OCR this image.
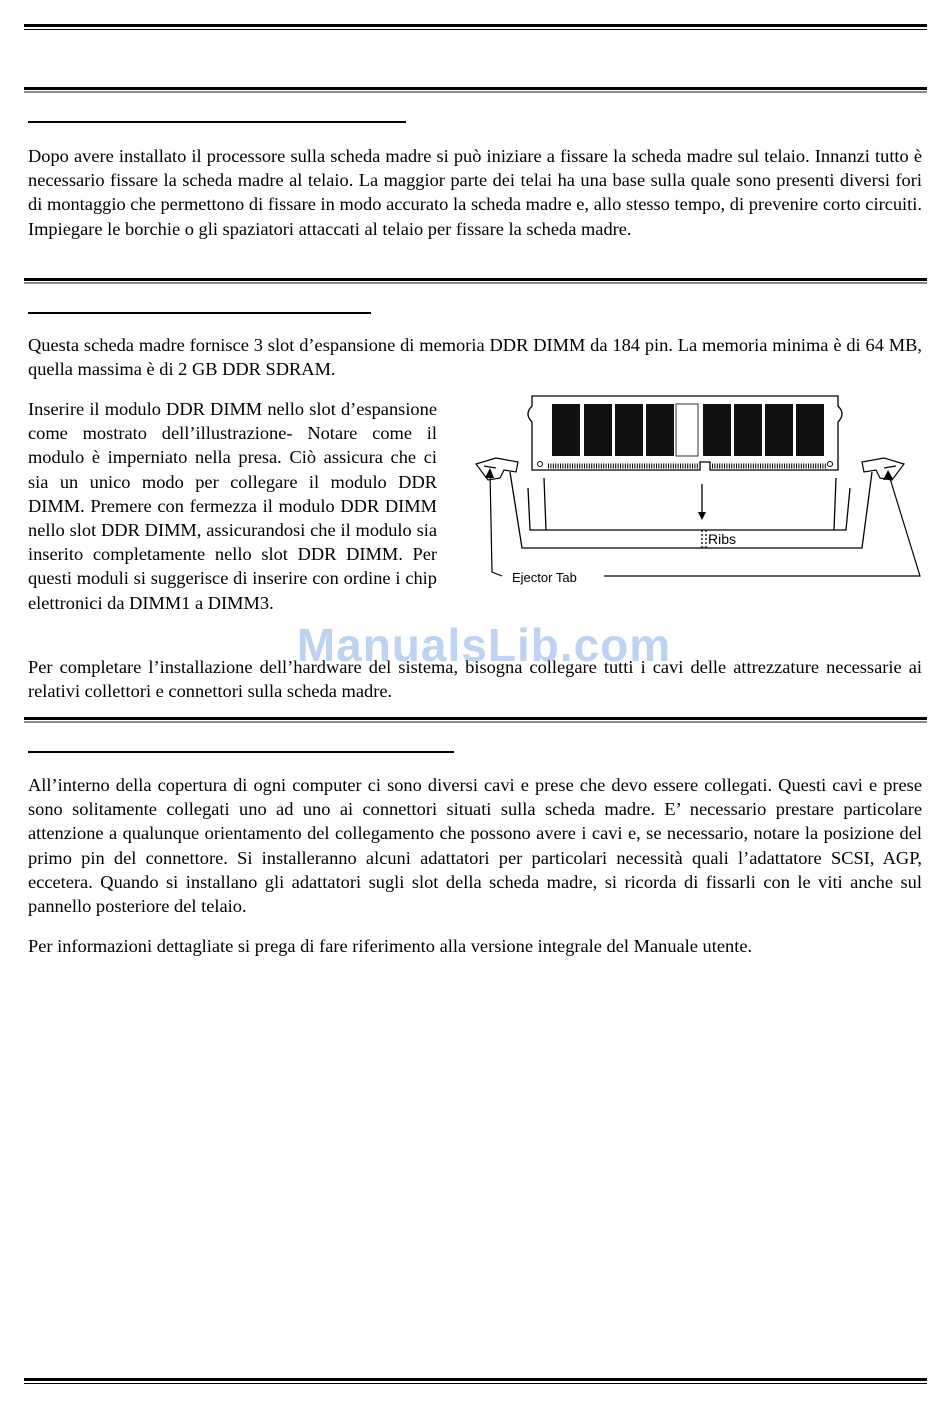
Dopo avere installato il processore sulla scheda madre si può iniziare a fissare la scheda madre sul telaio. Innanzi tutto è necessario fissare la scheda madre al telaio. La maggior parte dei telai ha una base sulla quale sono presenti diversi fori di montaggio che permettono di fissare in modo accurato la scheda madre e, allo stesso tempo, di prevenire corto circuiti. Impiegare le borchie o gli spaziatori attaccati al telaio per fissare la scheda madre.

Questa scheda madre fornisce 3 slot d’espansione di memoria DDR DIMM da 184 pin. La memoria minima è di 64 MB, quella massima è di 2 GB DDR SDRAM.

Inserire il modulo DDR DIMM nello slot d’espansione come mostrato dell’illustrazione- Notare come il modulo è imperniato nella presa. Ciò assicura che ci sia un unico modo per collegare il modulo DDR DIMM. Premere con fermezza il modulo DDR DIMM nello slot DDR DIMM, assicurandosi che il modulo sia inserito completamente nello slot DDR DIMM. Per questi moduli si suggerisce di inserire con ordine i chip elettronici da DIMM1 a DIMM3.

Ribs
Ejector Tab

Per completare l’installazione dell’hardware del sistema, bisogna collegare tutti i cavi delle attrezzature necessarie ai relativi collettori e connettori sulla scheda madre.

ManualsLib.com

All’interno della copertura di ogni computer ci sono diversi cavi e prese che devo essere collegati. Questi cavi e prese sono solitamente collegati uno ad uno ai connettori situati sulla scheda madre. E’ necessario prestare particolare attenzione a qualunque orientamento del collegamento che possono avere i cavi e, se necessario, notare la posizione del primo pin del connettore. Si installeranno alcuni adattatori per particolari necessità quali l’adattatore SCSI, AGP, eccetera. Quando si installano gli adattatori sugli slot della scheda madre, si ricorda di fissarli con le viti anche sul pannello posteriore del telaio.

Per informazioni dettagliate si prega di fare riferimento alla versione integrale del Manuale utente.
